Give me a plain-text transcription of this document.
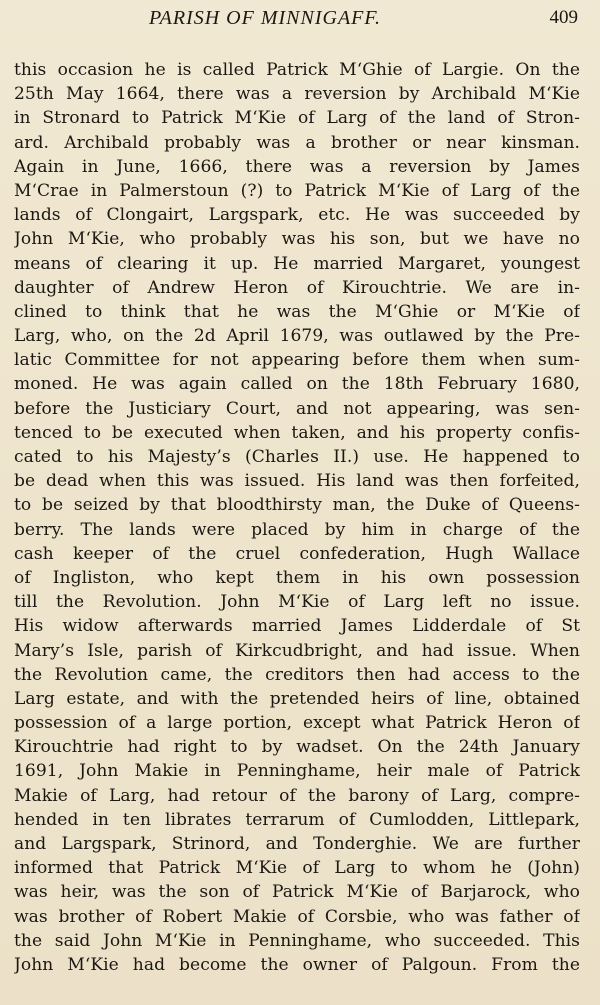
PARISH OF MINNIGAFF.	409
this occasion he is called Patrick M‘Ghie of Largie. On the
25th May 1664, there was a reversion by Archibald M‘Kie
in Stronard to Patrick M‘Kie of Larg of the land of Stron-
ard. Archibald probably was a brother or near kinsman.
Again in June, 1666, there was a reversion by James
M‘Crae in Palmerstoun (?) to Patrick M‘Kie of Larg of the
lands of Clongairt, Largspark, etc. He was succeeded by
John M‘Kie, who probably was his son, but we have no
means of clearing it up. He married Margaret, youngest
daughter of Andrew Heron of Kirouchtrie. We are in-
clined to think that he was the M‘Ghie or M‘Kie of
Larg, who, on the 2d April 1679, was outlawed by the Pre-
latic Committee for not appearing before them when sum-
moned. He was again called on the 18th February 1680,
before the Justiciary Court, and not appearing, was sen-
tenced to be executed when taken, and his property confis-
cated to his Majesty’s (Charles II.) use. He happened to
be dead when this was issued. His land was then forfeited,
to be seized by that bloodthirsty man, the Duke of Queens-
berry. The lands were placed by him in charge of the
cash keeper of the cruel confederation, Hugh Wallace
of Ingliston, who kept them in his own possession
till the Revolution. John M‘Kie of Larg left no issue.
His widow afterwards married James Lidderdale of St
Mary’s Isle, parish of Kirkcudbright, and had issue. When
the Revolution came, the creditors then had access to the
Larg estate, and with the pretended heirs of line, obtained
possession of a large portion, except what Patrick Heron of
Kirouchtrie had right to by wadset. On the 24th January
1691, John Makie in Penninghame, heir male of Patrick
Makie of Larg, had retour of the barony of Larg, compre-
hended in ten librates terrarum of Cumlodden, Littlepark,
and Largspark, Strinord, and Tonderghie. We are further
informed that Patrick M‘Kie of Larg to whom he (John)
was heir, was the son of Patrick M‘Kie of Barjarock, who
was brother of Robert Makie of Corsbie, who was father of
the said John M‘Kie in Penninghame, who succeeded. This
John M‘Kie had become the owner of Palgoun. From the
